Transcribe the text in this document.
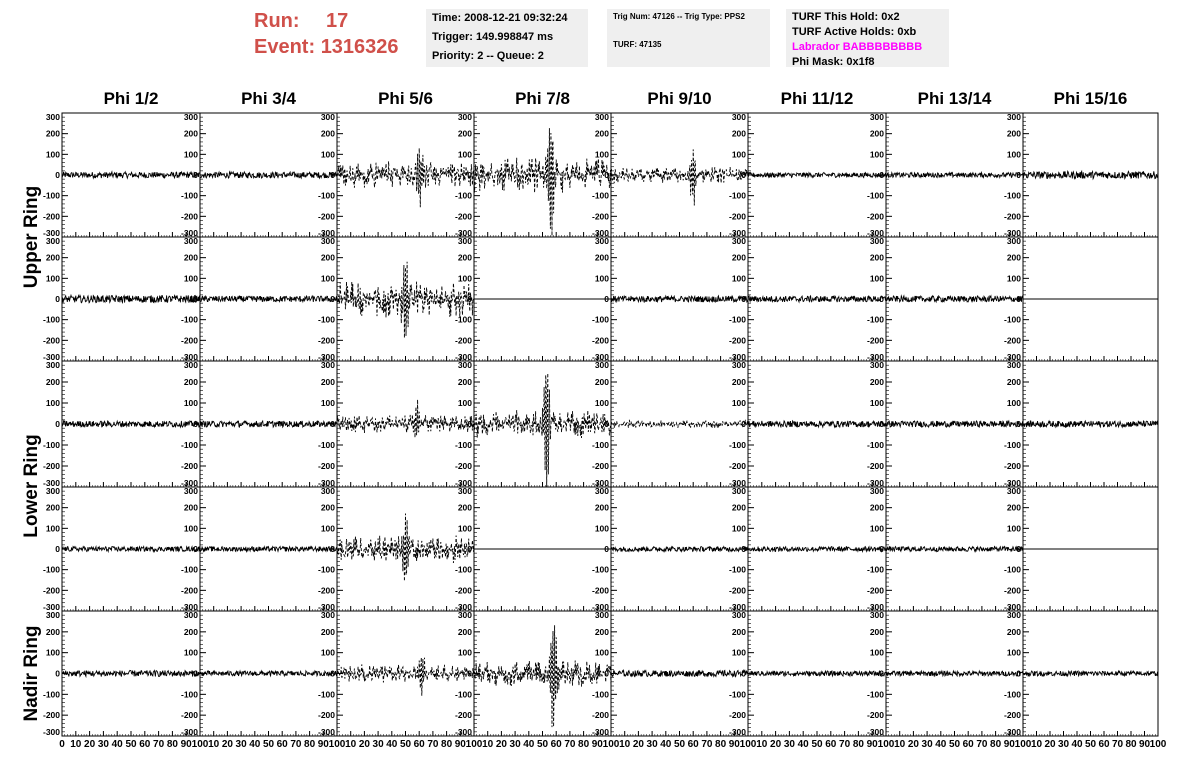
Run: 17
Event: 1316326
Time: 2008-12-21 09:32:24
Trigger: 149.998847 ms
Priority: 2 -- Queue: 2
Trig Num: 47126 -- Trig Type: PPS2
TURF: 47135
TURF This Hold: 0x2
TURF Active Holds: 0xb
Labrador BABBBBBBBB
Phi Mask: 0x1f8
Phi 1/2	Phi 3/4	Phi 5/6	Phi 7/8	Phi 9/10	Phi 11/12	Phi 13/14	Phi 15/16
Upper Ring
Lower Ring
Nadir Ring
300
200
100
0
-100
-200
-300
300
200
100
0
-100
-200
-300
300
200
100
0
-100
-200
-300
300
200
100
0
-100
-200
-300
300
200
100
0
-100
-200
-300
300
200
100
0
-100
-200
-300
300
200
100
0
-100
-200
-300
300
200
100
0
-100
-200
-300
300
200
100
0
-100
-200
-300
300
200
100
0
-100
-200
-300
300
200
100
0
-100
-200
-300
300
200
100
0
-100
-200
-300
300
200
100
0
-100
-200
-300
300
200
100
0
-100
-200
-300
300
200
100
0
-100
-200
-300
300
200
100
0
-100
-200
-300
300
200
100
0
-100
-200
-300
300
200
100
0
-100
-200
-300
300
200
100
0
-100
-200
-300
300
200
100
0
-100
-200
-300
300
200
100
0
-100
-200
-300
300
200
100
0
-100
-200
-300
300
200
100
0
-100
-200
-300
300
200
100
0
-100
-200
-300
300
200
100
0
-100
-200
-300
300
200
100
0
-100
-200
-300
300
200
100
0
-100
-200
-300
300
200
100
0
-100
-200
-300
300
200
100
0
-100
-200
-300
300
200
100
0
-100
-200
-300
300
200
100
0
-100
-200
-300
300
200
100
0
-100
-200
-300
300
200
100
0
-100
-200
-300
300
200
100
0
-100
-200
-300
300
200
100
0
-100
-200
-300
300
200
100
0
-100
-200
-300
300
200
100
0
-100
-200
-300
300
200
100
0
-100
-200
-300
300
200
100
0
-100
-200
-300
300
200
100
0
-100
-200
-300
0 10 20 30 40 50 60 70 80 90 100 10 20 30 40 50 60 70 80 90 100 10 20 30 40 50 60 70 80 90 100 10 20 30 40 50 60 70 80 90 100 10 20 30 40 50 60 70 80 90 100 10 20 30 40 50 60 70 80 90 100 10 20 30 40 50 60 70 80 90 100 10 20 30 40 50 60 70 80 90 100
